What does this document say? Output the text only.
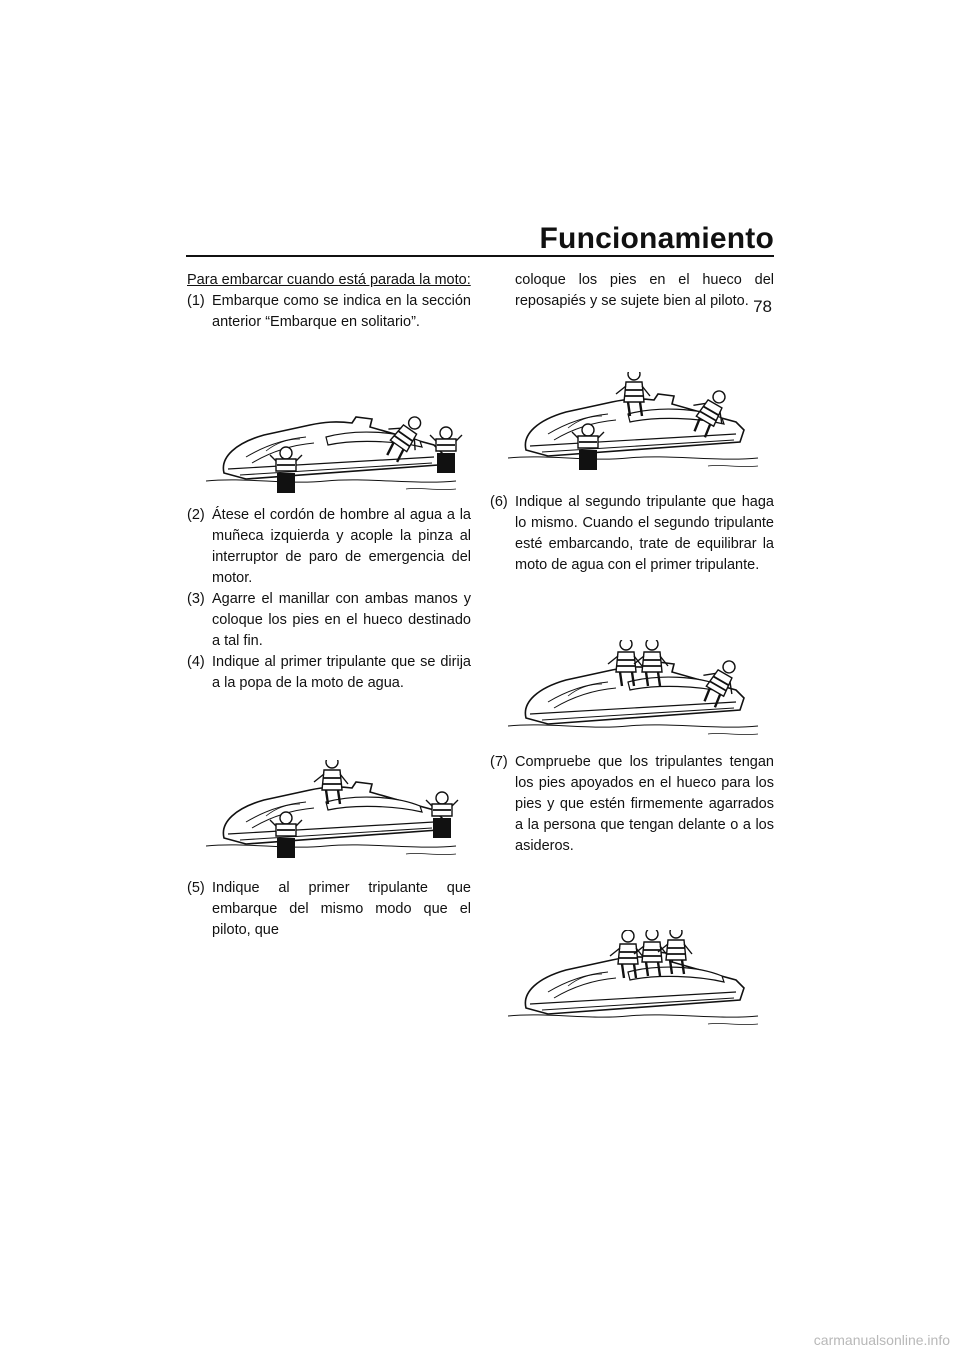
Funcionamiento
78

Para embarcar cuando está parada la moto:

(1) Embarque como se indica en la sección anterior “Embarque en solitario”.
(2) Átese el cordón de hombre al agua a la muñeca izquierda y acople la pinza al interruptor de paro de emergencia del motor.
(3) Agarre el manillar con ambas manos y coloque los pies en el hueco destinado a tal fin.
(4) Indique al primer tripulante que se dirija a la popa de la moto de agua.
(5) Indique al primer tripulante que embarque del mismo modo que el piloto, que

coloque los pies en el hueco del reposapiés y se sujete bien al piloto.

(6) Indique al segundo tripulante que haga lo mismo. Cuando el segundo tripulante esté embarcando, trate de equilibrar la moto de agua con el primer tripulante.
(7) Compruebe que los tripulantes tengan los pies apoyados en el hueco para los pies y que estén firmemente agarrados a la persona que tengan delante o a los asideros.
carmanualsonline.info
